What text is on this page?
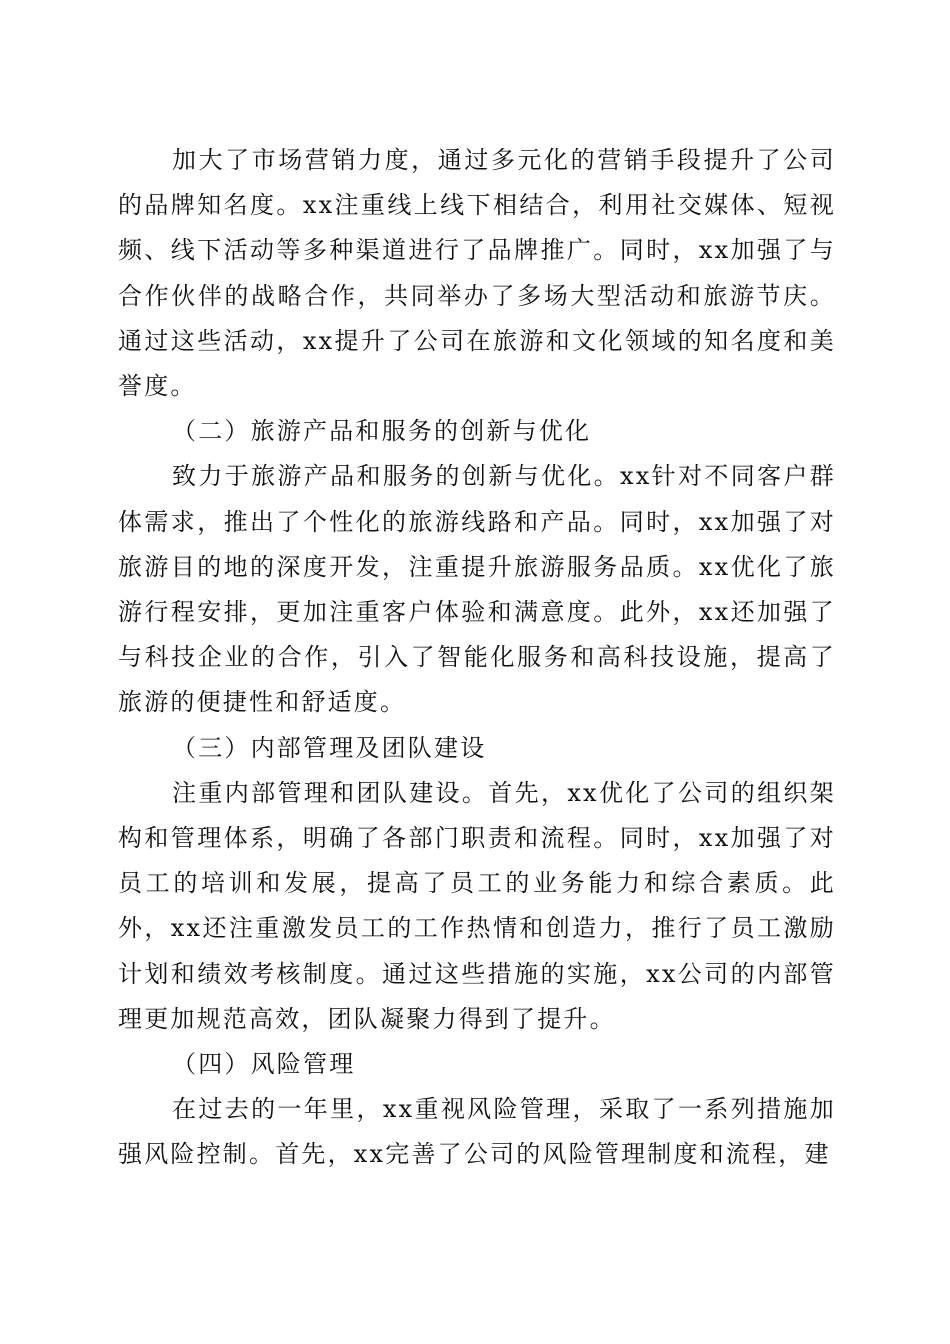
加大了市场营销力度，通过多元化的营销手段提升了公司的品牌知名度。xx注重线上线下相结合，利用社交媒体、短视频、线下活动等多种渠道进行了品牌推广。同时，xx加强了与合作伙伴的战略合作，共同举办了多场大型活动和旅游节庆。通过这些活动，xx提升了公司在旅游和文化领域的知名度和美誉度。

（二）旅游产品和服务的创新与优化

致力于旅游产品和服务的创新与优化。xx针对不同客户群体需求，推出了个性化的旅游线路和产品。同时，xx加强了对旅游目的地的深度开发，注重提升旅游服务品质。xx优化了旅游行程安排，更加注重客户体验和满意度。此外，xx还加强了与科技企业的合作，引入了智能化服务和高科技设施，提高了旅游的便捷性和舒适度。

（三）内部管理及团队建设

注重内部管理和团队建设。首先，xx优化了公司的组织架构和管理体系，明确了各部门职责和流程。同时，xx加强了对员工的培训和发展，提高了员工的业务能力和综合素质。此外，xx还注重激发员工的工作热情和创造力，推行了员工激励计划和绩效考核制度。通过这些措施的实施，xx公司的内部管理更加规范高效，团队凝聚力得到了提升。

（四）风险管理

在过去的一年里，xx重视风险管理，采取了一系列措施加强风险控制。首先，xx完善了公司的风险管理制度和流程，建
